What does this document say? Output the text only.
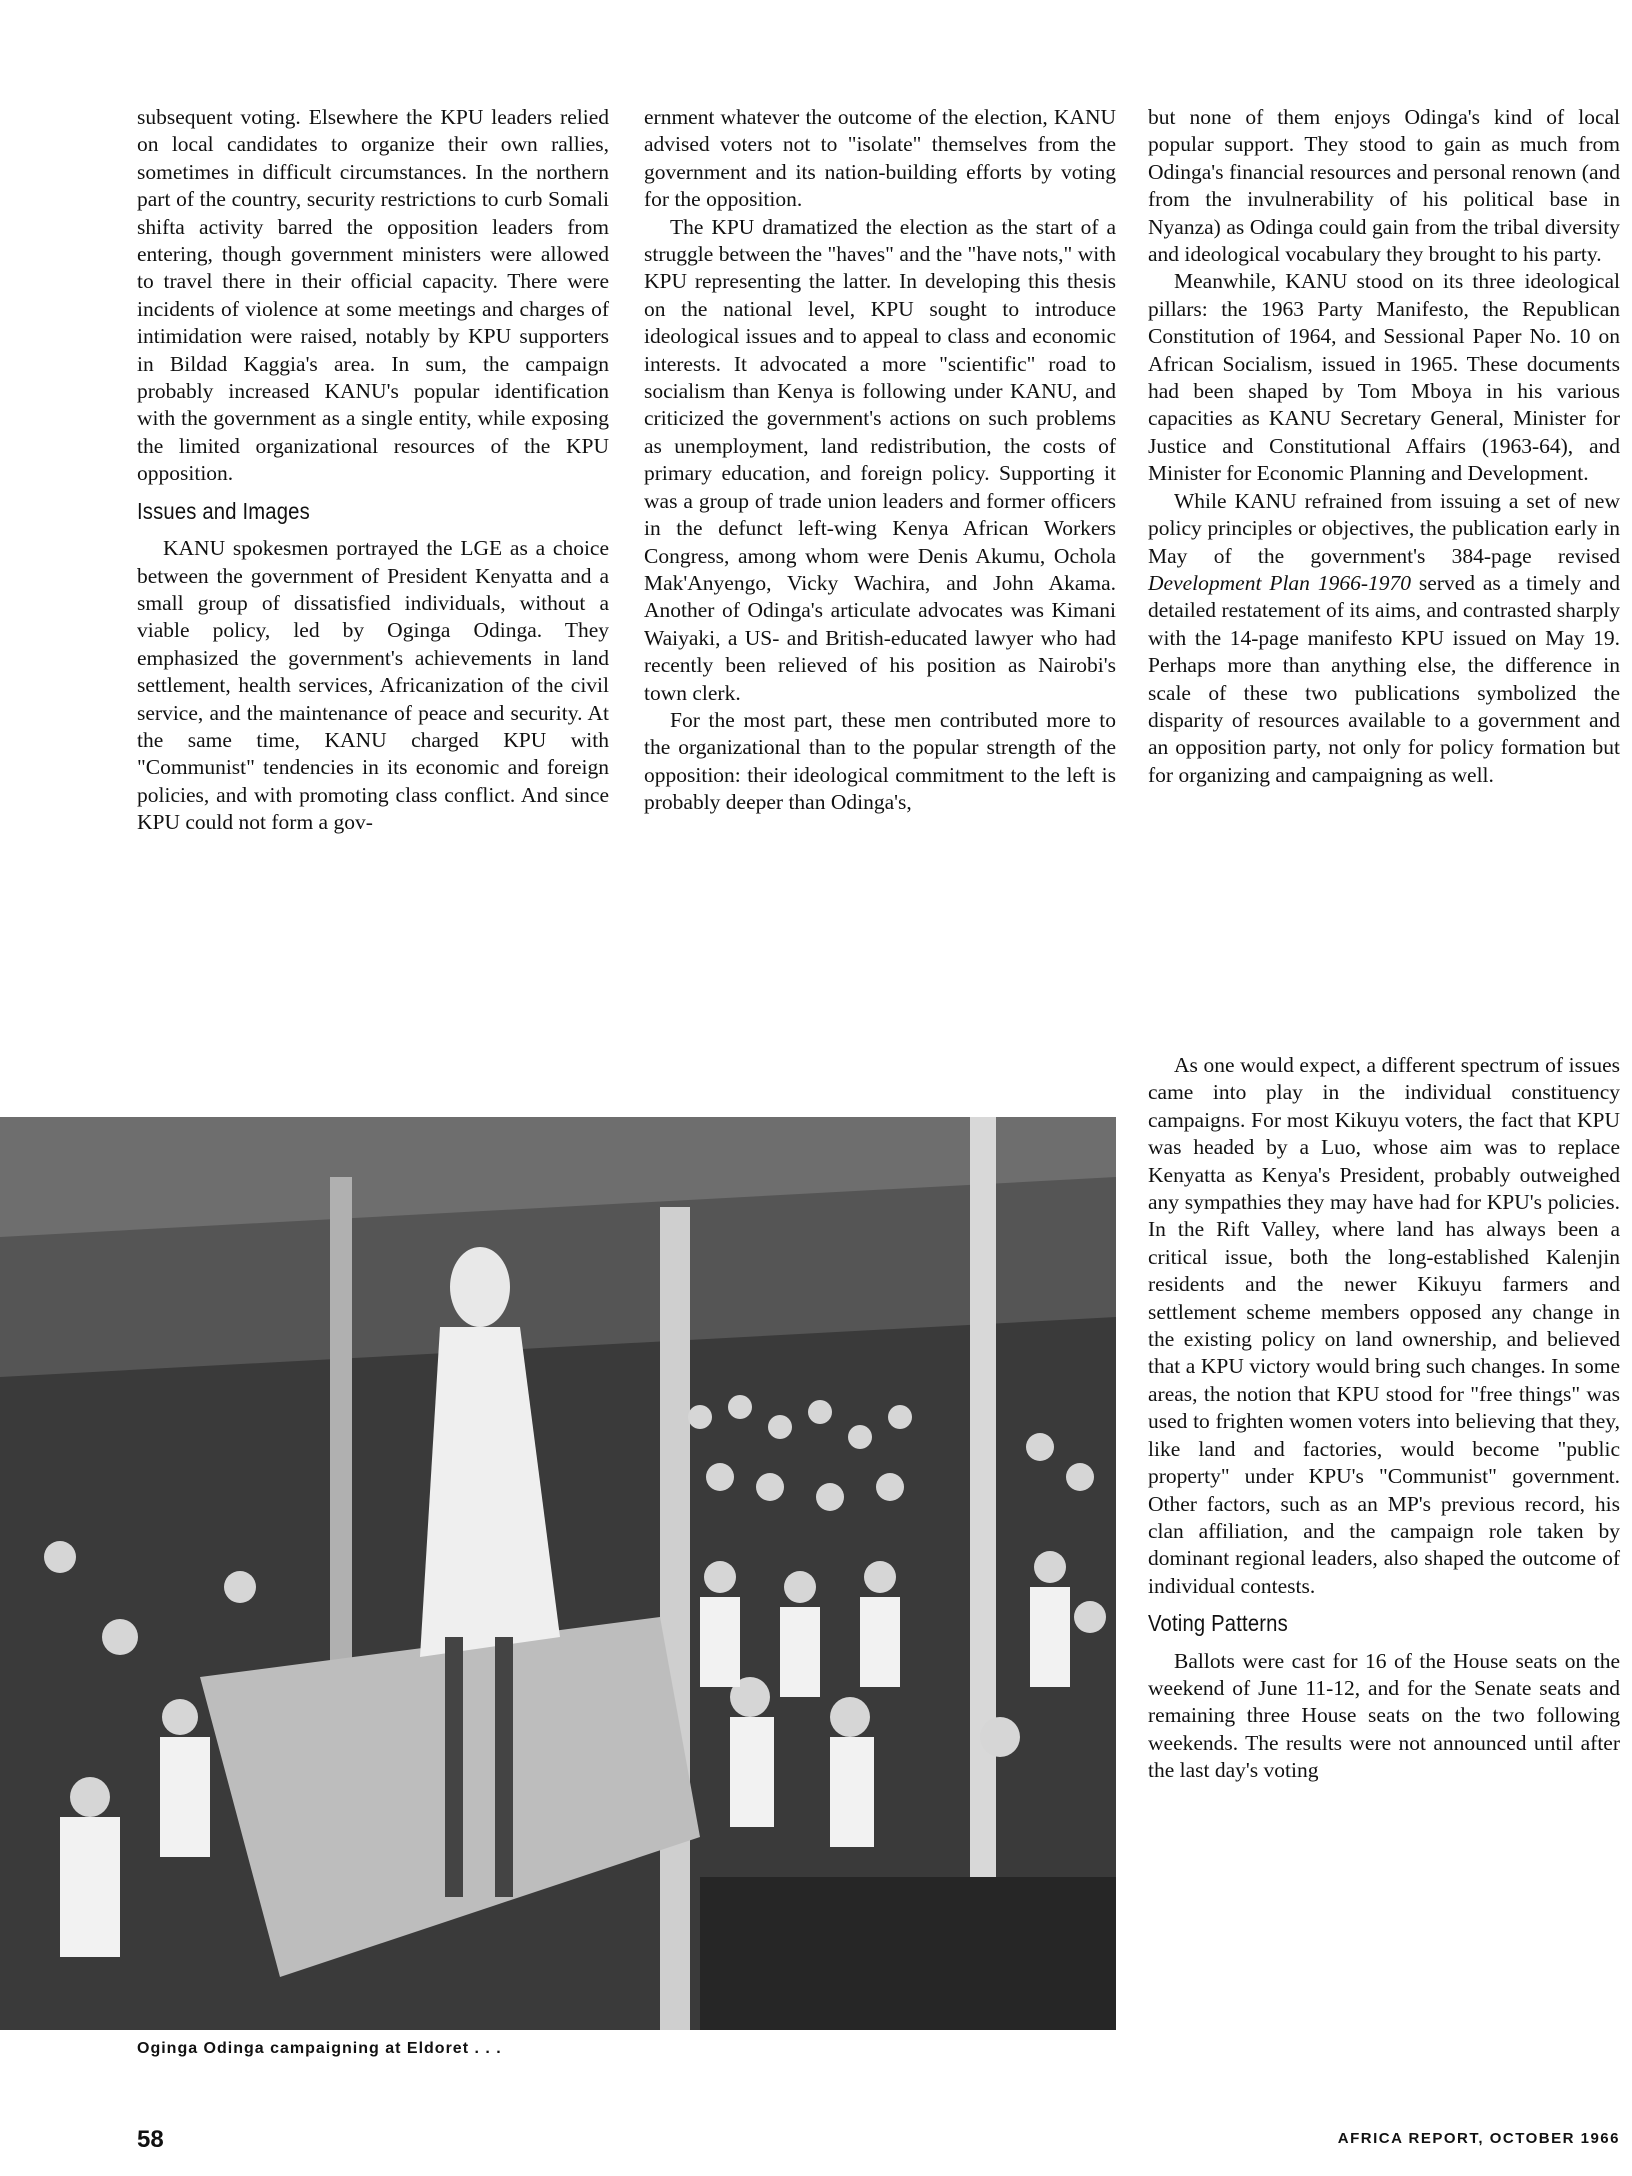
subsequent voting. Elsewhere the KPU leaders relied on local candidates to organize their own rallies, sometimes in difficult circumstances. In the northern part of the country, security restrictions to curb Somali shifta activity barred the opposition leaders from entering, though government ministers were allowed to travel there in their official capacity. There were incidents of violence at some meetings and charges of intimidation were raised, notably by KPU supporters in Bildad Kaggia's area. In sum, the campaign probably increased KANU's popular identification with the government as a single entity, while exposing the limited organizational resources of the KPU opposition.

Issues and Images

KANU spokesmen portrayed the LGE as a choice between the government of President Kenyatta and a small group of dissatisfied individuals, without a viable policy, led by Oginga Odinga. They emphasized the government's achievements in land settlement, health services, Africanization of the civil service, and the maintenance of peace and security. At the same time, KANU charged KPU with "Communist" tendencies in its economic and foreign policies, and with promoting class conflict. And since KPU could not form a gov-

ernment whatever the outcome of the election, KANU advised voters not to "isolate" themselves from the government and its nation-building efforts by voting for the opposition.

The KPU dramatized the election as the start of a struggle between the "haves" and the "have nots," with KPU representing the latter. In developing this thesis on the national level, KPU sought to introduce ideological issues and to appeal to class and economic interests. It advocated a more "scientific" road to socialism than Kenya is following under KANU, and criticized the government's actions on such problems as unemployment, land redistribution, the costs of primary education, and foreign policy. Supporting it was a group of trade union leaders and former officers in the defunct left-wing Kenya African Workers Congress, among whom were Denis Akumu, Ochola Mak'Anyengo, Vicky Wachira, and John Akama. Another of Odinga's articulate advocates was Kimani Waiyaki, a US- and British-educated lawyer who had recently been relieved of his position as Nairobi's town clerk.

For the most part, these men contributed more to the organizational than to the popular strength of the opposition: their ideological commitment to the left is probably deeper than Odinga's,

but none of them enjoys Odinga's kind of local popular support. They stood to gain as much from Odinga's financial resources and personal renown (and from the invulnerability of his political base in Nyanza) as Odinga could gain from the tribal diversity and ideological vocabulary they brought to his party.

Meanwhile, KANU stood on its three ideological pillars: the 1963 Party Manifesto, the Republican Constitution of 1964, and Sessional Paper No. 10 on African Socialism, issued in 1965. These documents had been shaped by Tom Mboya in his various capacities as KANU Secretary General, Minister for Justice and Constitutional Affairs (1963-64), and Minister for Economic Planning and Development.

While KANU refrained from issuing a set of new policy principles or objectives, the publication early in May of the government's 384-page revised Development Plan 1966-1970 served as a timely and detailed restatement of its aims, and contrasted sharply with the 14-page manifesto KPU issued on May 19. Perhaps more than anything else, the difference in scale of these two publications symbolized the disparity of resources available to a government and an opposition party, not only for policy formation but for organizing and campaigning as well.

As one would expect, a different spectrum of issues came into play in the individual constituency campaigns. For most Kikuyu voters, the fact that KPU was headed by a Luo, whose aim was to replace Kenyatta as Kenya's President, probably outweighed any sympathies they may have had for KPU's policies. In the Rift Valley, where land has always been a critical issue, both the long-established Kalenjin residents and the newer Kikuyu farmers and settlement scheme members opposed any change in the existing policy on land ownership, and believed that a KPU victory would bring such changes. In some areas, the notion that KPU stood for "free things" was used to frighten women voters into believing that they, like land and factories, would become "public property" under KPU's "Communist" government. Other factors, such as an MP's previous record, his clan affiliation, and the campaign role taken by dominant regional leaders, also shaped the outcome of individual contests.

Voting Patterns

Ballots were cast for 16 of the House seats on the weekend of June 11-12, and for the Senate seats and remaining three House seats on the two following weekends. The results were not announced until after the last day's voting

Oginga Odinga campaigning at Eldoret . . .
58	AFRICA REPORT, OCTOBER 1966
